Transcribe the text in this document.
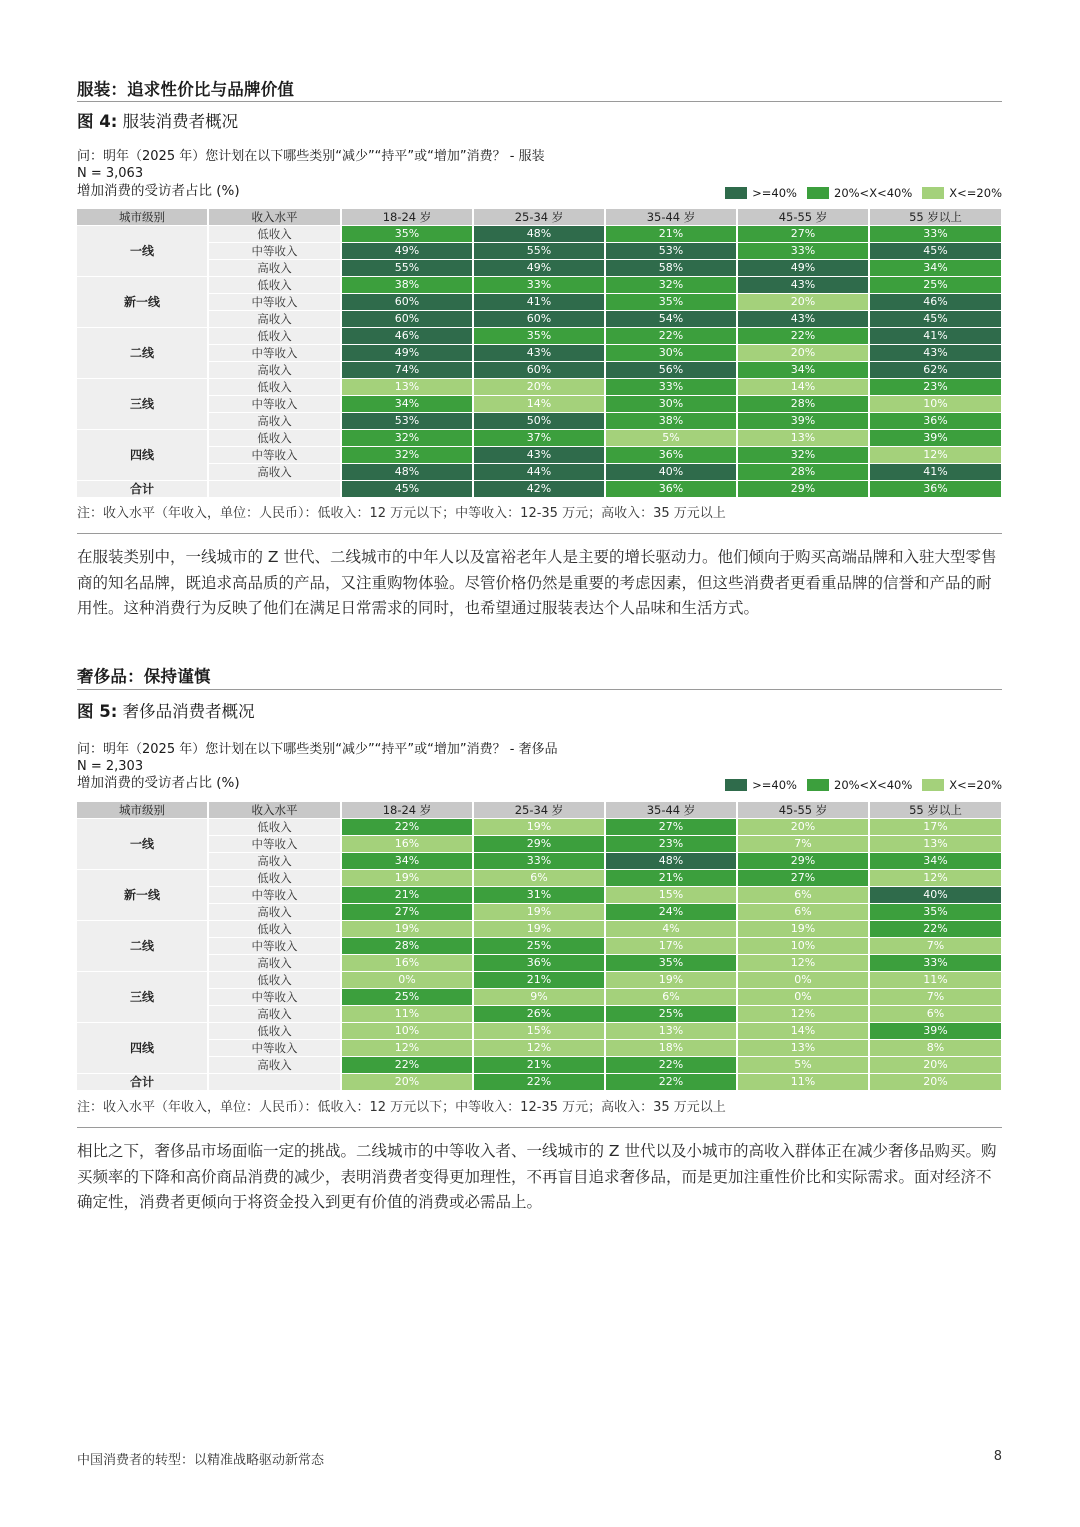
服装：追求性价比与品牌价值
图 4: 服装消费者概况
问：明年（2025 年）您计划在以下哪些类别“减少”“持平”或“增加”消费？ - 服装
N = 3,063
增加消费的受访者占比 (%)	>=40%	20%<X<40%	X<=20%
城市级别	收入水平	18-24 岁	25-34 岁	35-44 岁	45-55 岁	55 岁以上
一线	低收入	35%	48%	21%	27%	33%
	中等收入	49%	55%	53%	33%	45%
	高收入	55%	49%	58%	49%	34%
新一线	低收入	38%	33%	32%	43%	25%
	中等收入	60%	41%	35%	20%	46%
	高收入	60%	60%	54%	43%	45%
二线	低收入	46%	35%	22%	22%	41%
	中等收入	49%	43%	30%	20%	43%
	高收入	74%	60%	56%	34%	62%
三线	低收入	13%	20%	33%	14%	23%
	中等收入	34%	14%	30%	28%	10%
	高收入	53%	50%	38%	39%	36%
四线	低收入	32%	37%	5%	13%	39%
	中等收入	32%	43%	36%	32%	12%
	高收入	48%	44%	40%	28%	41%
合计		45%	42%	36%	29%	36%
注：收入水平（年收入，单位：人民币）：低收入：12 万元以下；中等收入：12-35 万元；高收入：35 万元以上
在服装类别中，一线城市的 Z 世代、二线城市的中年人以及富裕老年人是主要的增长驱动力。他们倾向于购买高端品牌和入驻大型零售商的知名品牌，既追求高品质的产品，又注重购物体验。尽管价格仍然是重要的考虑因素，但这些消费者更看重品牌的信誉和产品的耐用性。这种消费行为反映了他们在满足日常需求的同时，也希望通过服装表达个人品味和生活方式。
奢侈品：保持谨慎
图 5: 奢侈品消费者概况
问：明年（2025 年）您计划在以下哪些类别“减少”“持平”或“增加”消费？ - 奢侈品
N = 2,303
增加消费的受访者占比 (%)	>=40%	20%<X<40%	X<=20%
城市级别	收入水平	18-24 岁	25-34 岁	35-44 岁	45-55 岁	55 岁以上
一线	低收入	22%	19%	27%	20%	17%
	中等收入	16%	29%	23%	7%	13%
	高收入	34%	33%	48%	29%	34%
新一线	低收入	19%	6%	21%	27%	12%
	中等收入	21%	31%	15%	6%	40%
	高收入	27%	19%	24%	6%	35%
二线	低收入	19%	19%	4%	19%	22%
	中等收入	28%	25%	17%	10%	7%
	高收入	16%	36%	35%	12%	33%
三线	低收入	0%	21%	19%	0%	11%
	中等收入	25%	9%	6%	0%	7%
	高收入	11%	26%	25%	12%	6%
四线	低收入	10%	15%	13%	14%	39%
	中等收入	12%	12%	18%	13%	8%
	高收入	22%	21%	22%	5%	20%
合计		20%	22%	22%	11%	20%
注：收入水平（年收入，单位：人民币）：低收入：12 万元以下；中等收入：12-35 万元；高收入：35 万元以上
相比之下，奢侈品市场面临一定的挑战。二线城市的中等收入者、一线城市的 Z 世代以及小城市的高收入群体正在减少奢侈品购买。购买频率的下降和高价商品消费的减少，表明消费者变得更加理性，不再盲目追求奢侈品，而是更加注重性价比和实际需求。面对经济不确定性，消费者更倾向于将资金投入到更有价值的消费或必需品上。
中国消费者的转型：以精准战略驱动新常态	8
